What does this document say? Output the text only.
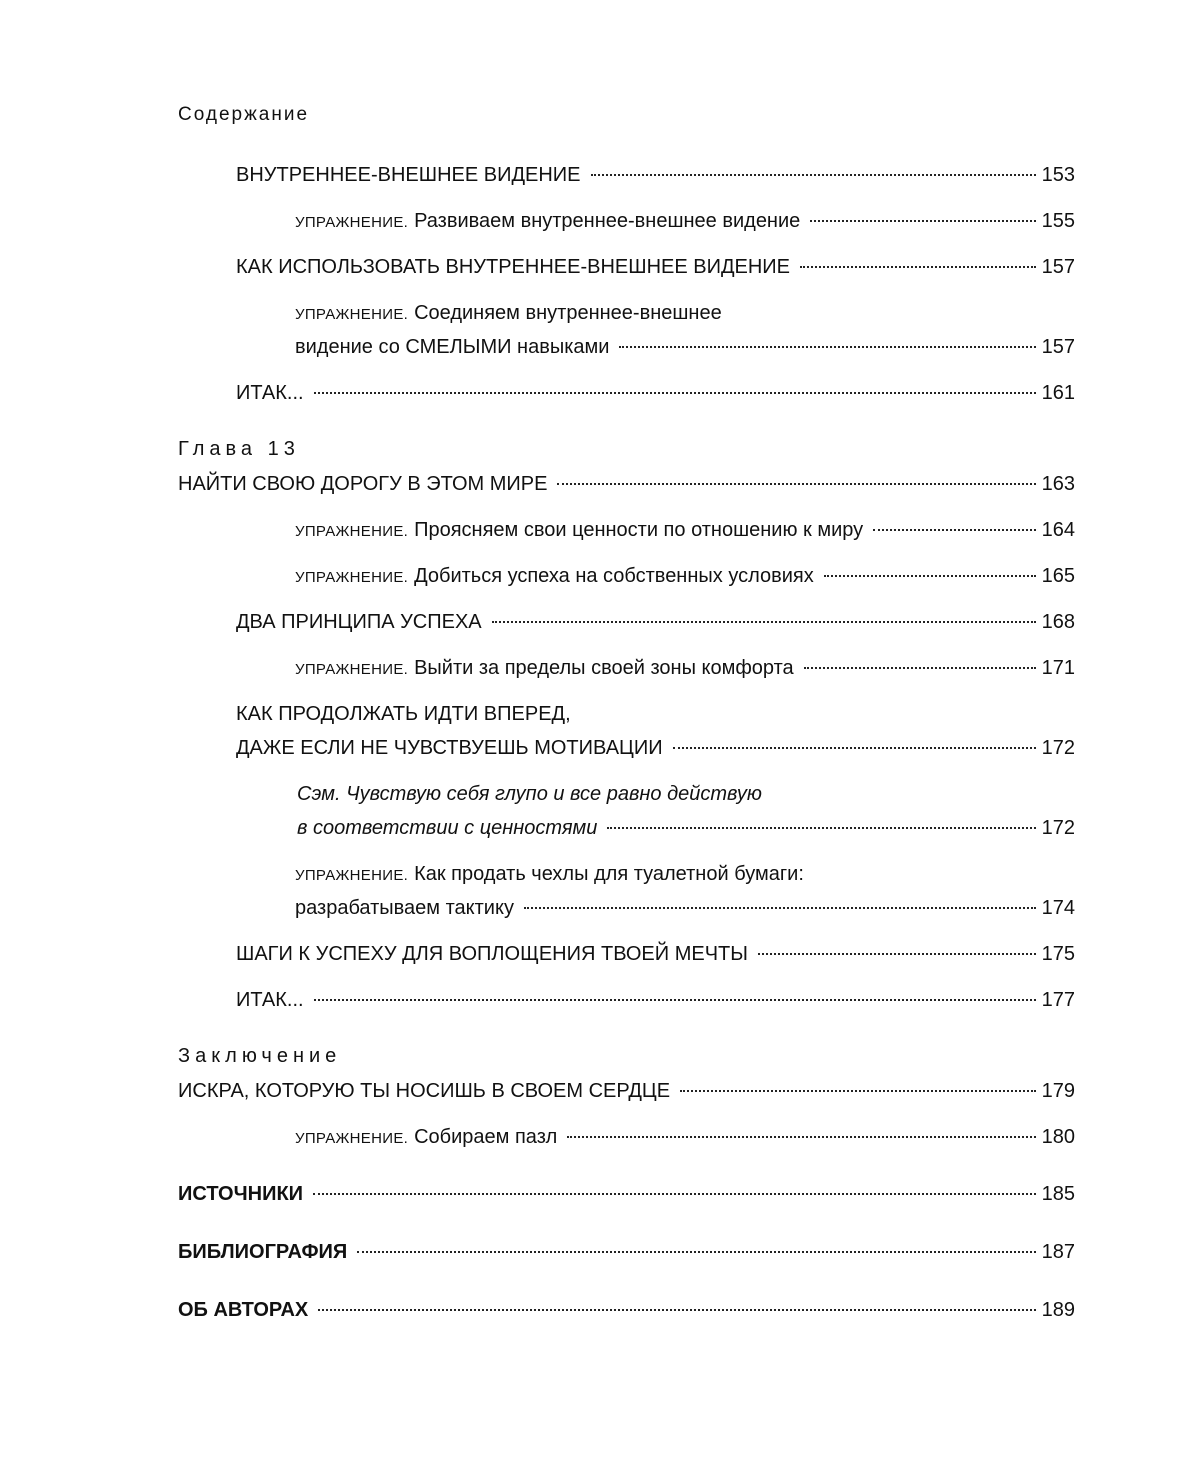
Содержание
ВНУТРЕННЕЕ-ВНЕШНЕЕ ВИДЕНИЕ	153
УПРАЖНЕНИЕ. Развиваем внутреннее-внешнее видение	155
КАК ИСПОЛЬЗОВАТЬ ВНУТРЕННЕЕ-ВНЕШНЕЕ ВИДЕНИЕ	157
УПРАЖНЕНИЕ. Соединяем внутреннее-внешнее
видение со СМЕЛЫМИ навыками	157
ИТАК...	161
Глава 13
НАЙТИ СВОЮ ДОРОГУ В ЭТОМ МИРЕ	163
УПРАЖНЕНИЕ. Проясняем свои ценности по отношению к миру	164
УПРАЖНЕНИЕ. Добиться успеха на собственных условиях	165
ДВА ПРИНЦИПА УСПЕХА	168
УПРАЖНЕНИЕ. Выйти за пределы своей зоны комфорта	171
КАК ПРОДОЛЖАТЬ ИДТИ ВПЕРЕД,
ДАЖЕ ЕСЛИ НЕ ЧУВСТВУЕШЬ МОТИВАЦИИ	172
Сэм. Чувствую себя глупо и все равно действую
в соответствии с ценностями	172
УПРАЖНЕНИЕ. Как продать чехлы для туалетной бумаги:
разрабатываем тактику	174
ШАГИ К УСПЕХУ ДЛЯ ВОПЛОЩЕНИЯ ТВОЕЙ МЕЧТЫ	175
ИТАК...	177
Заключение
ИСКРА, КОТОРУЮ ТЫ НОСИШЬ В СВОЕМ СЕРДЦЕ	179
УПРАЖНЕНИЕ. Собираем пазл	180
ИСТОЧНИКИ	185
БИБЛИОГРАФИЯ	187
ОБ АВТОРАХ	189
